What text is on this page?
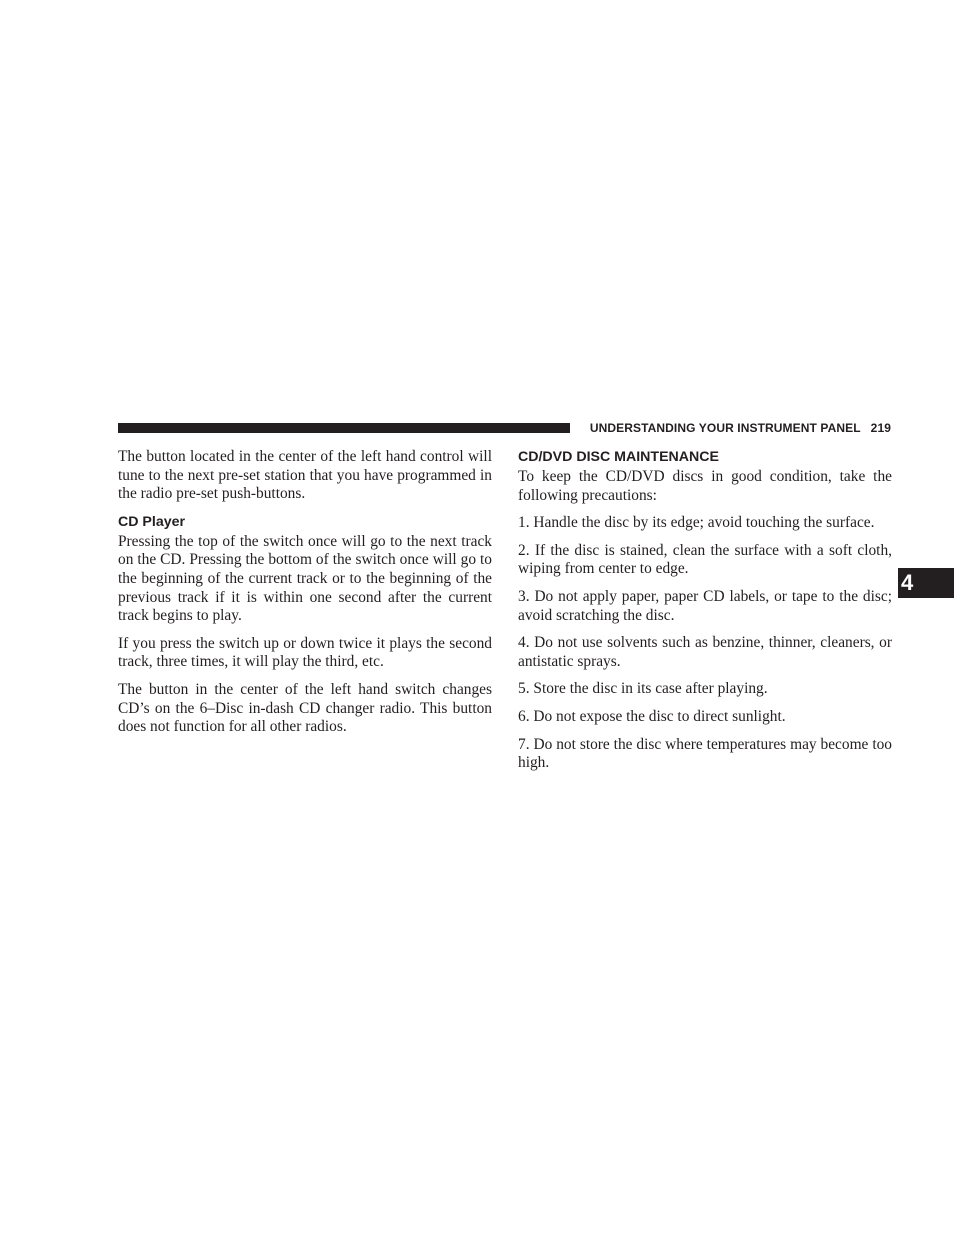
UNDERSTANDING YOUR INSTRUMENT PANEL 219
4

The button located in the center of the left hand control will tune to the next pre-set station that you have programmed in the radio pre-set push-buttons.

CD Player

Pressing the top of the switch once will go to the next track on the CD. Pressing the bottom of the switch once will go to the beginning of the current track or to the beginning of the previous track if it is within one second after the current track begins to play.

If you press the switch up or down twice it plays the second track, three times, it will play the third, etc.

The button in the center of the left hand switch changes CD’s on the 6–Disc in-dash CD changer radio. This button does not function for all other radios.

CD/DVD DISC MAINTENANCE

To keep the CD/DVD discs in good condition, take the following precautions:

1. Handle the disc by its edge; avoid touching the surface.

2. If the disc is stained, clean the surface with a soft cloth, wiping from center to edge.

3. Do not apply paper, paper CD labels, or tape to the disc; avoid scratching the disc.

4. Do not use solvents such as benzine, thinner, cleaners, or antistatic sprays.

5. Store the disc in its case after playing.

6. Do not expose the disc to direct sunlight.

7. Do not store the disc where temperatures may become too high.
